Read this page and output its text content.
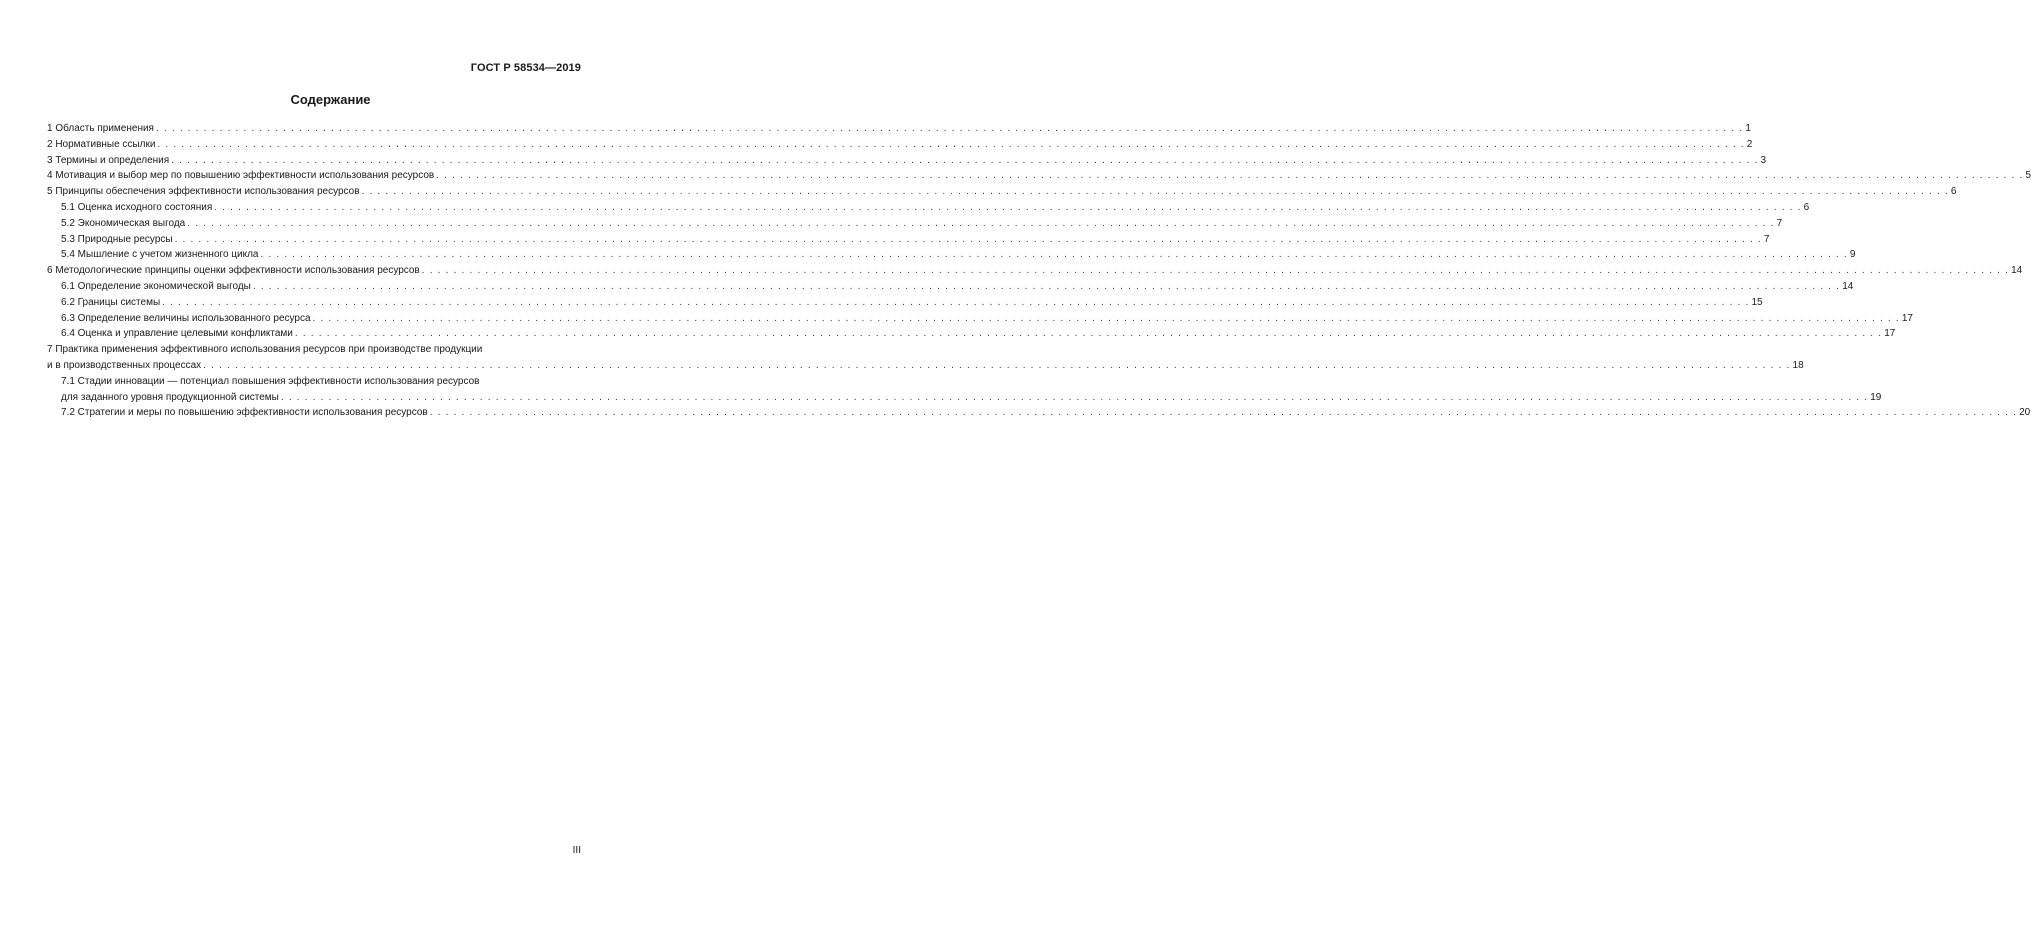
ГОСТ Р 58534—2019
Содержание
1 Область применения . . . . . . . . . . . . . . . . . . . . . . . . . . . . . . . . . . . . . . . . . . . . . . . . . . . . . . . . . . . . . . . . . . . . . . . . . . . . . . . . . . . . . . . . . . . . . . . . . . . . . . . . . . . . . . . . . . . . . . . . . . . . . . . . . . . . . . . . . . . . . . . . . . . . . . . . . . . . . . . . . . . . . . . . . . . . . . . . . . . . . . . . . . . . . . . . . . . . . . . . 1
2 Нормативные ссылки . . . . . . . . . . . . . . . . . . . . . . . . . . . . . . . . . . . . . . . . . . . . . . . . . . . . . . . . . . . . . . . . . . . . . . . . . . . . . . . . . . . . . . . . . . . . . . . . . . . . . . . . . . . . . . . . . . . . . . . . . . . . . . . . . . . . . . . . . . . . . . . . . . . . . . . . . . . . . . . . . . . . . . . . . . . . . . . . . . . . . . . . . . . . . . . . . . . . . . . . 2
3 Термины и определения . . . . . . . . . . . . . . . . . . . . . . . . . . . . . . . . . . . . . . . . . . . . . . . . . . . . . . . . . . . . . . . . . . . . . . . . . . . . . . . . . . . . . . . . . . . . . . . . . . . . . . . . . . . . . . . . . . . . . . . . . . . . . . . . . . . . . . . . . . . . . . . . . . . . . . . . . . . . . . . . . . . . . . . . . . . . . . . . . . . . . . . . . . . . . . . . . . . . . . . . 3
4 Мотивация и выбор мер по повышению эффективности использования ресурсов . . . . . . . . . . . . . . . . . . . . . . . . . . . . . . . . . . . . . . . . . . . . . . . . . . . . . . . . . . . . . . . . . . . . . . . . . . . . . . . . . . . . . . . . . . . . . . . . . . . . . . . . . . . . . . . . . . . . . . . . . . . . . . . . . . . . . . . . . . . . . . . . . . . . . . . . . . . . . . . . . . . . . . . . . . . . . . . . . . . . . . . . . . . . . . . . . . . . . . . . 5
5 Принципы обеспечения эффективности использования ресурсов . . . . . . . . . . . . . . . . . . . . . . . . . . . . . . . . . . . . . . . . . . . . . . . . . . . . . . . . . . . . . . . . . . . . . . . . . . . . . . . . . . . . . . . . . . . . . . . . . . . . . . . . . . . . . . . . . . . . . . . . . . . . . . . . . . . . . . . . . . . . . . . . . . . . . . . . . . . . . . . . . . . . . . . . . . . . . . . . . . . . . . . . . . . . . . . . . . . . . . . . 6
5.1 Оценка исходного состояния . . . . . . . . . . . . . . . . . . . . . . . . . . . . . . . . . . . . . . . . . . . . . . . . . . . . . . . . . . . . . . . . . . . . . . . . . . . . . . . . . . . . . . . . . . . . . . . . . . . . . . . . . . . . . . . . . . . . . . . . . . . . . . . . . . . . . . . . . . . . . . . . . . . . . . . . . . . . . . . . . . . . . . . . . . . . . . . . . . . . . . . . . . . . . . . . . . . . . . . . 6
5.2 Экономическая выгода . . . . . . . . . . . . . . . . . . . . . . . . . . . . . . . . . . . . . . . . . . . . . . . . . . . . . . . . . . . . . . . . . . . . . . . . . . . . . . . . . . . . . . . . . . . . . . . . . . . . . . . . . . . . . . . . . . . . . . . . . . . . . . . . . . . . . . . . . . . . . . . . . . . . . . . . . . . . . . . . . . . . . . . . . . . . . . . . . . . . . . . . . . . . . . . . . . . . . . . . 7
5.3 Природные ресурсы . . . . . . . . . . . . . . . . . . . . . . . . . . . . . . . . . . . . . . . . . . . . . . . . . . . . . . . . . . . . . . . . . . . . . . . . . . . . . . . . . . . . . . . . . . . . . . . . . . . . . . . . . . . . . . . . . . . . . . . . . . . . . . . . . . . . . . . . . . . . . . . . . . . . . . . . . . . . . . . . . . . . . . . . . . . . . . . . . . . . . . . . . . . . . . . . . . . . . . . . 7
5.4 Мышление с учетом жизненного цикла . . . . . . . . . . . . . . . . . . . . . . . . . . . . . . . . . . . . . . . . . . . . . . . . . . . . . . . . . . . . . . . . . . . . . . . . . . . . . . . . . . . . . . . . . . . . . . . . . . . . . . . . . . . . . . . . . . . . . . . . . . . . . . . . . . . . . . . . . . . . . . . . . . . . . . . . . . . . . . . . . . . . . . . . . . . . . . . . . . . . . . . . . . . . . . . . . . . . . . . . 9
6 Методологические принципы оценки эффективности использования ресурсов . . . . . . . . . . . . . . . . . . . . . . . . . . . . . . . . . . . . . . . . . . . . . . . . . . . . . . . . . . . . . . . . . . . . . . . . . . . . . . . . . . . . . . . . . . . . . . . . . . . . . . . . . . . . . . . . . . . . . . . . . . . . . . . . . . . . . . . . . . . . . . . . . . . . . . . . . . . . . . . . . . . . . . . . . . . . . . . . . . . . . . . . . . . . . . . . . . . . . . . . 14
6.1 Определение экономической выгоды . . . . . . . . . . . . . . . . . . . . . . . . . . . . . . . . . . . . . . . . . . . . . . . . . . . . . . . . . . . . . . . . . . . . . . . . . . . . . . . . . . . . . . . . . . . . . . . . . . . . . . . . . . . . . . . . . . . . . . . . . . . . . . . . . . . . . . . . . . . . . . . . . . . . . . . . . . . . . . . . . . . . . . . . . . . . . . . . . . . . . . . . . . . . . . . . . . . . . . . . 14
6.2 Границы системы . . . . . . . . . . . . . . . . . . . . . . . . . . . . . . . . . . . . . . . . . . . . . . . . . . . . . . . . . . . . . . . . . . . . . . . . . . . . . . . . . . . . . . . . . . . . . . . . . . . . . . . . . . . . . . . . . . . . . . . . . . . . . . . . . . . . . . . . . . . . . . . . . . . . . . . . . . . . . . . . . . . . . . . . . . . . . . . . . . . . . . . . . . . . . . . . . . . . . . . . 15
6.3 Определение величины использованного ресурса . . . . . . . . . . . . . . . . . . . . . . . . . . . . . . . . . . . . . . . . . . . . . . . . . . . . . . . . . . . . . . . . . . . . . . . . . . . . . . . . . . . . . . . . . . . . . . . . . . . . . . . . . . . . . . . . . . . . . . . . . . . . . . . . . . . . . . . . . . . . . . . . . . . . . . . . . . . . . . . . . . . . . . . . . . . . . . . . . . . . . . . . . . . . . . . . . . . . . . . . 17
6.4 Оценка и управление целевыми конфликтами . . . . . . . . . . . . . . . . . . . . . . . . . . . . . . . . . . . . . . . . . . . . . . . . . . . . . . . . . . . . . . . . . . . . . . . . . . . . . . . . . . . . . . . . . . . . . . . . . . . . . . . . . . . . . . . . . . . . . . . . . . . . . . . . . . . . . . . . . . . . . . . . . . . . . . . . . . . . . . . . . . . . . . . . . . . . . . . . . . . . . . . . . . . . . . . . . . . . . . . . 17
7 Практика применения эффективного использования ресурсов при производстве продукции
и в производственных процессах . . . . . . . . . . . . . . . . . . . . . . . . . . . . . . . . . . . . . . . . . . . . . . . . . . . . . . . . . . . . . . . . . . . . . . . . . . . . . . . . . . . . . . . . . . . . . . . . . . . . . . . . . . . . . . . . . . . . . . . . . . . . . . . . . . . . . . . . . . . . . . . . . . . . . . . . . . . . . . . . . . . . . . . . . . . . . . . . . . . . . . . . . . . . . . . . . . . . . . . . 18
7.1 Стадии инновации — потенциал повышения эффективности использования ресурсов
для заданного уровня продукционной системы . . . . . . . . . . . . . . . . . . . . . . . . . . . . . . . . . . . . . . . . . . . . . . . . . . . . . . . . . . . . . . . . . . . . . . . . . . . . . . . . . . . . . . . . . . . . . . . . . . . . . . . . . . . . . . . . . . . . . . . . . . . . . . . . . . . . . . . . . . . . . . . . . . . . . . . . . . . . . . . . . . . . . . . . . . . . . . . . . . . . . . . . . . . . . . . . . . . . . . . . 19
7.2 Стратегии и меры по повышению эффективности использования ресурсов . . . . . . . . . . . . . . . . . . . . . . . . . . . . . . . . . . . . . . . . . . . . . . . . . . . . . . . . . . . . . . . . . . . . . . . . . . . . . . . . . . . . . . . . . . . . . . . . . . . . . . . . . . . . . . . . . . . . . . . . . . . . . . . . . . . . . . . . . . . . . . . . . . . . . . . . . . . . . . . . . . . . . . . . . . . . . . . . . . . . . . . . . . . . . . . . . . . . . . . . 20
III
